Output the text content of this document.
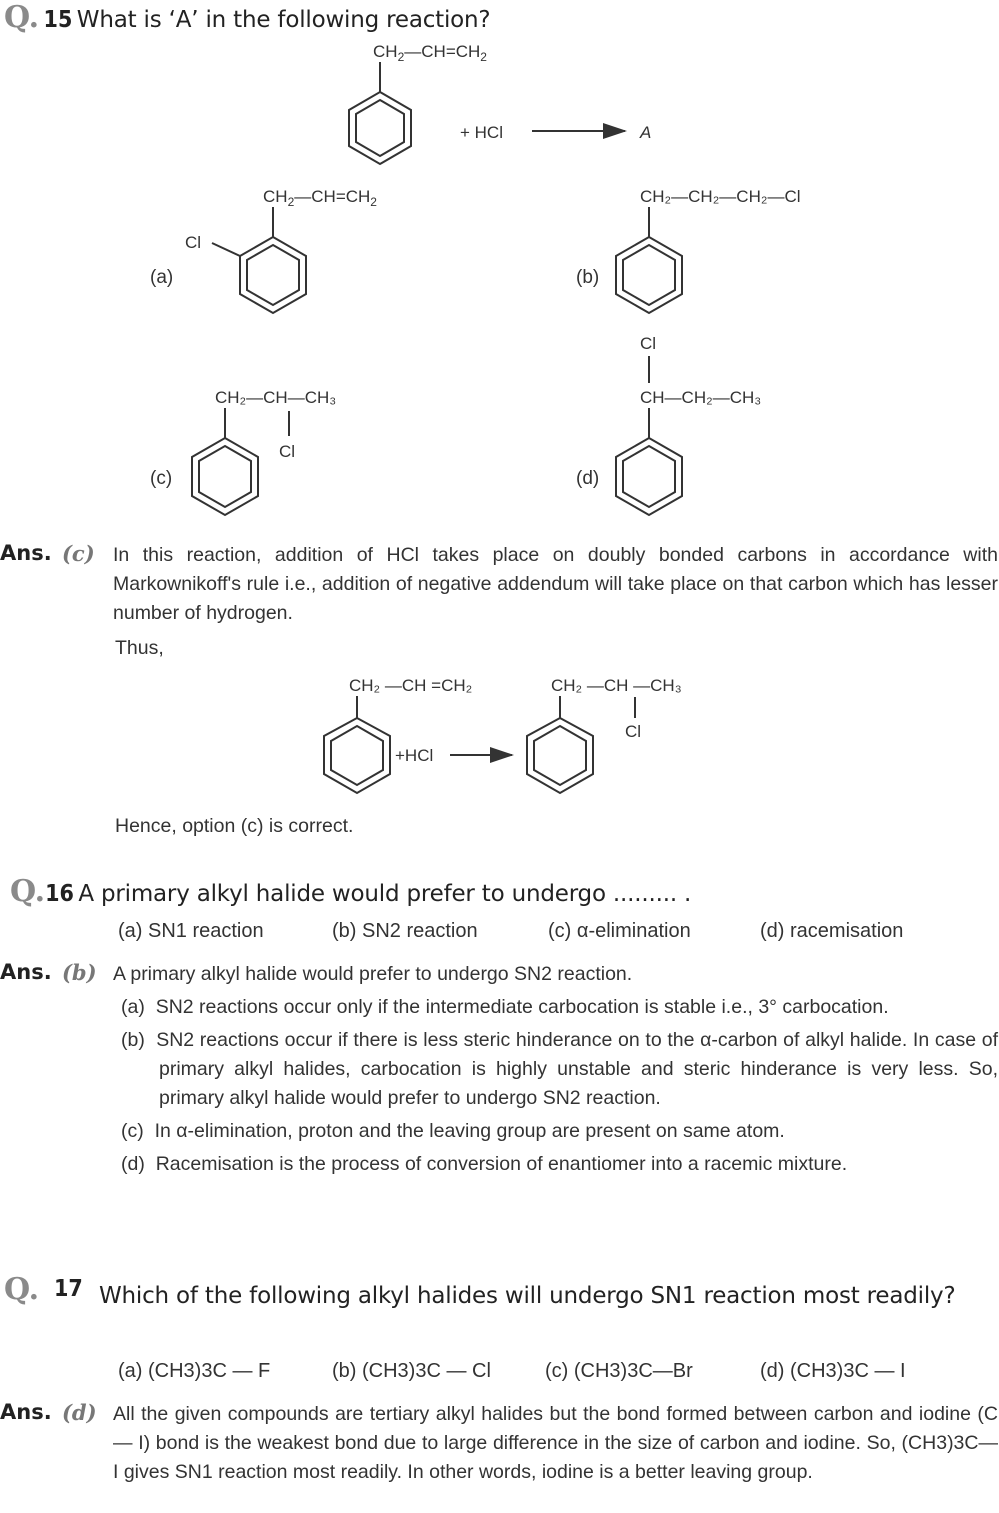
Q. 15 What is ‘A’ in the following reaction?
$CH_2—CH=CH_2$
+ HCl	A
$CH_2—CH=CH_2$
Cl
(a)
CH₂—CH₂—CH₂—Cl
(b)
CH₂—CH—CH₃
Cl
(c)
Cl
CH—CH₂—CH₃
(d)
CH₂ —CH =CH₂
+HCl
CH₂ —CH —CH₃
Cl
Ans. (c) In this reaction, addition of HCl takes place on doubly bonded carbons in accordance with Markownikoff's rule i.e., addition of negative addendum will take place on that carbon which has lesser number of hydrogen.
Thus,
Hence, option (c) is correct.
Q.16 A primary alkyl halide would prefer to undergo ......... .
(a) SN1 reaction	(b) SN2 reaction	(c) α-elimination	(d) racemisation
Ans. (b) A primary alkyl halide would prefer to undergo SN2 reaction.
(a) SN2 reactions occur only if the intermediate carbocation is stable i.e., 3° carbocation.
(b) SN2 reactions occur if there is less steric hinderance on to the α-carbon of alkyl halide. In case of primary alkyl halides, carbocation is highly unstable and steric hinderance is very less. So, primary alkyl halide would prefer to undergo SN2 reaction.
(c) In α-elimination, proton and the leaving group are present on same atom.
(d) Racemisation is the process of conversion of enantiomer into a racemic mixture.
Q. 17 Which of the following alkyl halides will undergo SN1 reaction most readily?
(a) (CH3)3C — F	(b) (CH3)3C — Cl	(c) (CH3)3C—Br	(d) (CH3)3C — I
Ans. (d) All the given compounds are tertiary alkyl halides but the bond formed between carbon and iodine (C — I) bond is the weakest bond due to large difference in the size of carbon and iodine. So, (CH3)3C—I gives SN1 reaction most readily. In other words, iodine is a better leaving group.
